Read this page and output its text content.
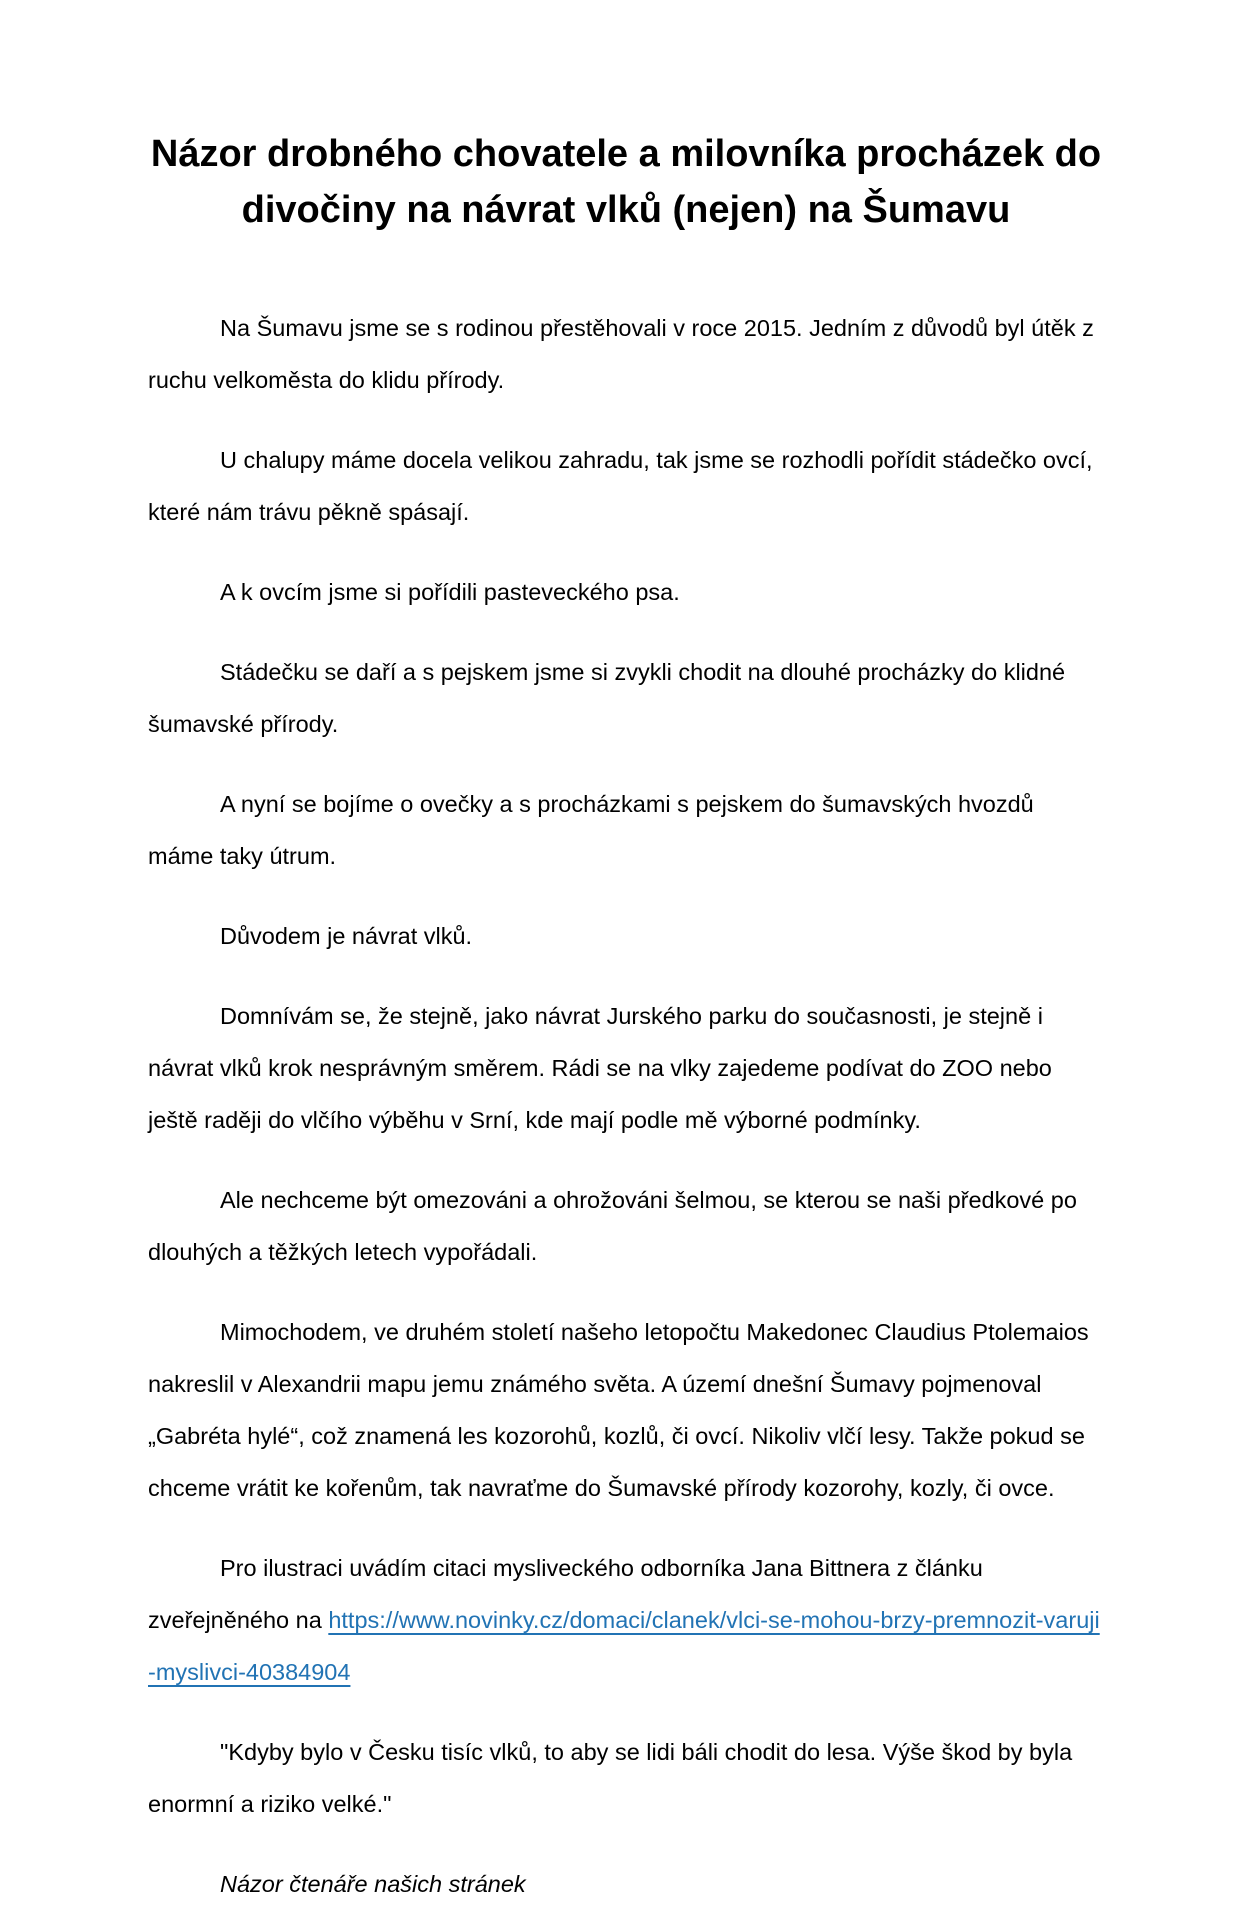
Názor drobného chovatele a milovníka procházek do divočiny na návrat vlků (nejen) na Šumavu

Na Šumavu jsme se s rodinou přestěhovali v roce 2015. Jedním z důvodů byl útěk z ruchu velkoměsta do klidu přírody.

U chalupy máme docela velikou zahradu, tak jsme se rozhodli pořídit stádečko ovcí, které nám trávu pěkně spásají.

A k ovcím jsme si pořídili pasteveckého psa.

Stádečku se daří a s pejskem jsme si zvykli chodit na dlouhé procházky do klidné šumavské přírody.

A nyní se bojíme o ovečky a s procházkami s pejskem do šumavských hvozdů máme taky útrum.

Důvodem je návrat vlků.

Domnívám se, že stejně, jako návrat Jurského parku do současnosti, je stejně i návrat vlků krok nesprávným směrem. Rádi se na vlky zajedeme podívat do ZOO nebo ještě raději do vlčího výběhu v Srní, kde mají podle mě výborné podmínky.

Ale nechceme být omezováni a ohrožováni šelmou, se kterou se naši předkové po dlouhých a těžkých letech vypořádali.

Mimochodem, ve druhém století našeho letopočtu Makedonec Claudius Ptolemaios nakreslil v Alexandrii mapu jemu známého světa. A území dnešní Šumavy pojmenoval „Gabréta hylé“, což znamená les kozorohů, kozlů, či ovcí. Nikoliv vlčí lesy. Takže pokud se chceme vrátit ke kořenům, tak navraťme do Šumavské přírody kozorohy, kozly, či ovce.

Pro ilustraci uvádím citaci mysliveckého odborníka Jana Bittnera z článku zveřejněného na https://www.novinky.cz/domaci/clanek/vlci-se-mohou-brzy-premnozit-varuji-myslivci-40384904

"Kdyby bylo v Česku tisíc vlků, to aby se lidi báli chodit do lesa. Výše škod by byla enormní a riziko velké."

Názor čtenáře našich stránek
